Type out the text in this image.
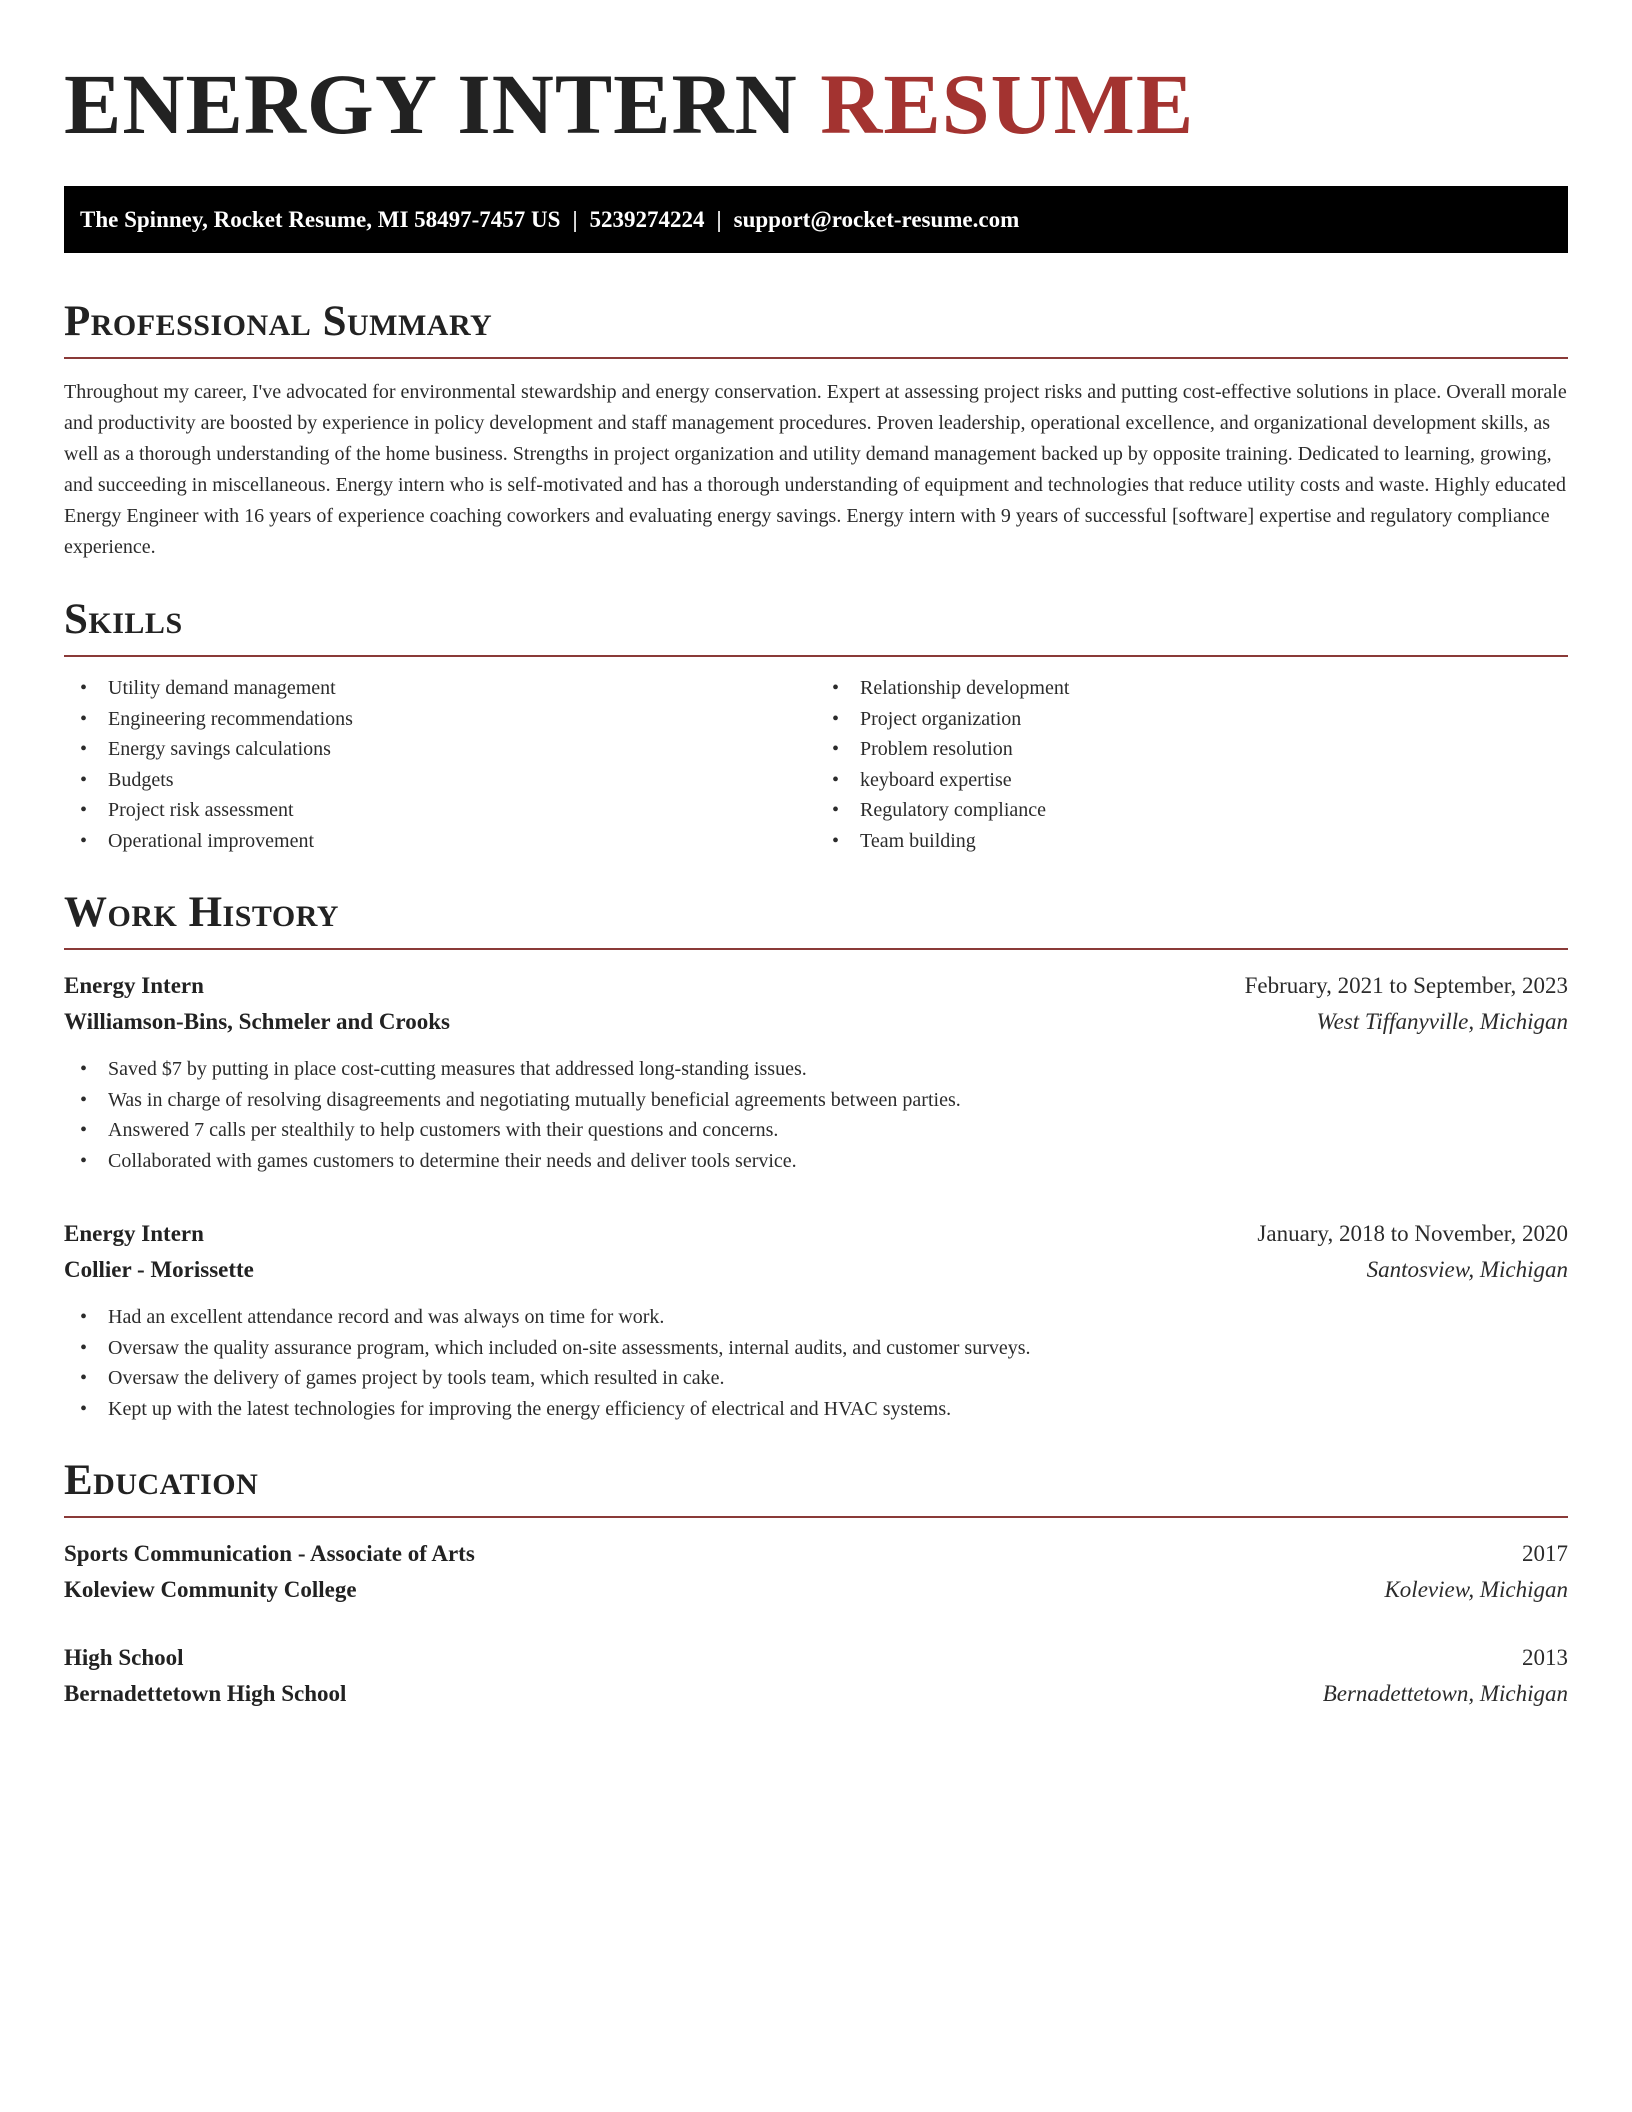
ENERGY INTERN RESUME
The Spinney, Rocket Resume, MI 58497-7457 US | 5239274224 | support@rocket-resume.com
Professional Summary

Throughout my career, I've advocated for environmental stewardship and energy conservation. Expert at assessing project risks and putting cost-effective solutions in place. Overall morale and productivity are boosted by experience in policy development and staff management procedures. Proven leadership, operational excellence, and organizational development skills, as well as a thorough understanding of the home business. Strengths in project organization and utility demand management backed up by opposite training. Dedicated to learning, growing, and succeeding in miscellaneous. Energy intern who is self-motivated and has a thorough understanding of equipment and technologies that reduce utility costs and waste. Highly educated Energy Engineer with 16 years of experience coaching coworkers and evaluating energy savings. Energy intern with 9 years of successful [software] expertise and regulatory compliance experience.

Skills
• Utility demand management
• Engineering recommendations
• Energy savings calculations
• Budgets
• Project risk assessment
• Operational improvement
• Relationship development
• Project organization
• Problem resolution
• keyboard expertise
• Regulatory compliance
• Team building
Work History
Energy Intern	February, 2021 to September, 2023
Williamson-Bins, Schmeler and Crooks	West Tiffanyville, Michigan
• Saved $7 by putting in place cost-cutting measures that addressed long-standing issues.
• Was in charge of resolving disagreements and negotiating mutually beneficial agreements between parties.
• Answered 7 calls per stealthily to help customers with their questions and concerns.
• Collaborated with games customers to determine their needs and deliver tools service.
Energy Intern	January, 2018 to November, 2020
Collier - Morissette	Santosview, Michigan
• Had an excellent attendance record and was always on time for work.
• Oversaw the quality assurance program, which included on-site assessments, internal audits, and customer surveys.
• Oversaw the delivery of games project by tools team, which resulted in cake.
• Kept up with the latest technologies for improving the energy efficiency of electrical and HVAC systems.
Education
Sports Communication - Associate of Arts	2017
Koleview Community College	Koleview, Michigan
High School	2013
Bernadettetown High School	Bernadettetown, Michigan
